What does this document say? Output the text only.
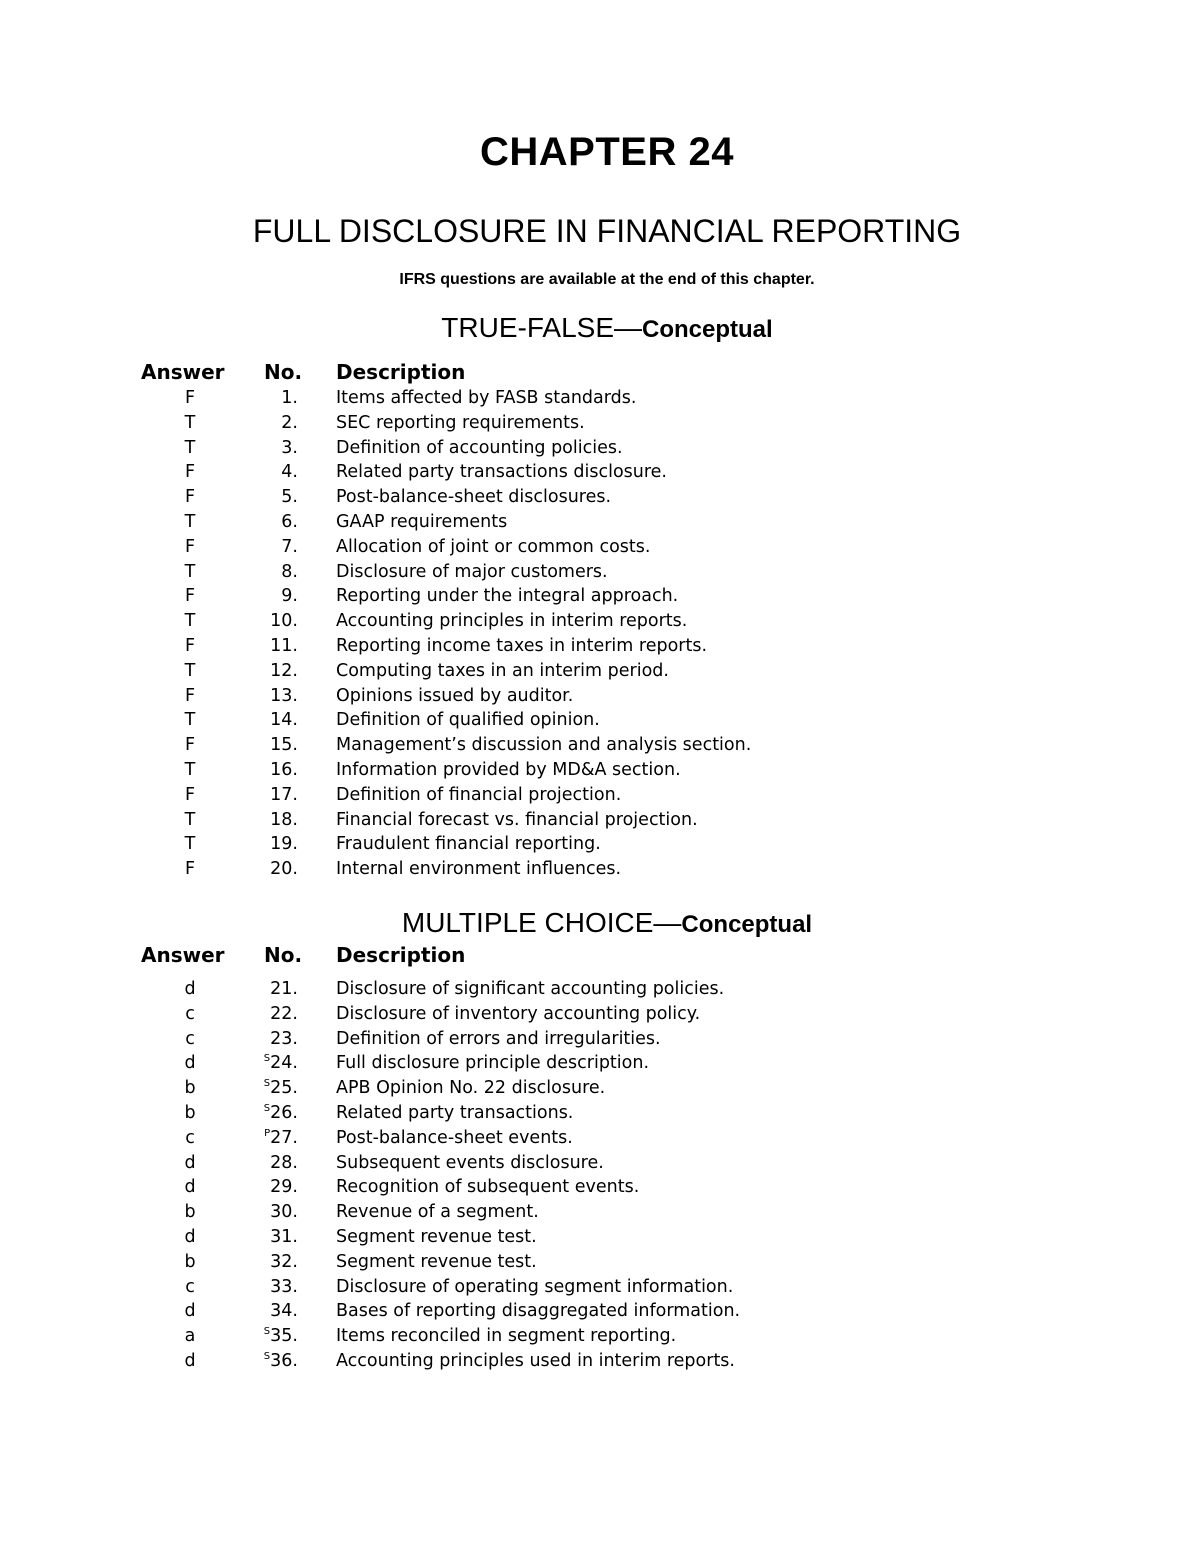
CHAPTER 24
FULL DISCLOSURE IN FINANCIAL REPORTING
IFRS questions are available at the end of this chapter.
TRUE-FALSE—Conceptual
Answer No. Description
F	1. Items affected by FASB standards.
T	2. SEC reporting requirements.
T	3. Definition of accounting policies.
F	4. Related party transactions disclosure.
F	5. Post-balance-sheet disclosures.
T	6. GAAP requirements
F	7. Allocation of joint or common costs.
T	8. Disclosure of major customers.
F	9. Reporting under the integral approach.
T	10. Accounting principles in interim reports.
F	11. Reporting income taxes in interim reports.
T	12. Computing taxes in an interim period.
F	13. Opinions issued by auditor.
T	14. Definition of qualified opinion.
F	15. Management’s discussion and analysis section.
T	16. Information provided by MD&A section.
F	17. Definition of financial projection.
T	18. Financial forecast vs. financial projection.
T	19. Fraudulent financial reporting.
F	20. Internal environment influences.
MULTIPLE CHOICE—Conceptual
Answer No. Description
d	21. Disclosure of significant accounting policies.
c	22. Disclosure of inventory accounting policy.
c	23. Definition of errors and irregularities.
d	$^S$24. Full disclosure principle description.
b	$^S$25. APB Opinion No. 22 disclosure.
b	$^S$26. Related party transactions.
c	$^P$27. Post-balance-sheet events.
d	28. Subsequent events disclosure.
d	29. Recognition of subsequent events.
b	30. Revenue of a segment.
d	31. Segment revenue test.
b	32. Segment revenue test.
c	33. Disclosure of operating segment information.
d	34. Bases of reporting disaggregated information.
a	$^S$35. Items reconciled in segment reporting.
d	$^S$36. Accounting principles used in interim reports.
